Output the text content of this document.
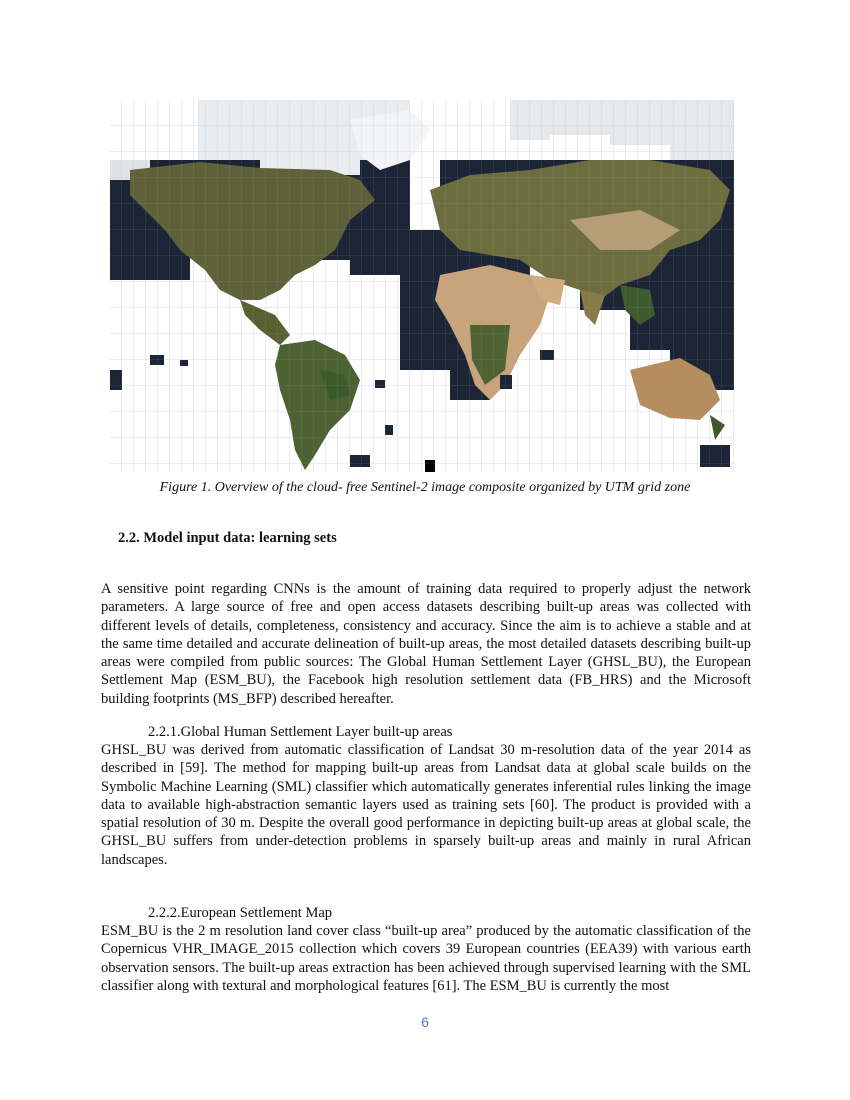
Figure 1. Overview of the cloud- free Sentinel-2 image composite organized by UTM grid zone
2.2. Model input data: learning sets

A sensitive point regarding CNNs is the amount of training data required to properly adjust the network parameters. A large source of free and open access datasets describing built-up areas was collected with different levels of details, completeness, consistency and accuracy. Since the aim is to achieve a stable and at the same time detailed and accurate delineation of built-up areas, the most detailed datasets describing built-up areas were compiled from public sources: The Global Human Settlement Layer (GHSL_BU), the European Settlement Map (ESM_BU), the Facebook high resolution settlement data (FB_HRS) and the Microsoft building footprints (MS_BFP) described hereafter.

2.2.1.Global Human Settlement Layer built-up areas

GHSL_BU was derived from automatic classification of Landsat 30 m-resolution data of the year 2014 as described in [59]. The method for mapping built-up areas from Landsat data at global scale builds on the Symbolic Machine Learning (SML) classifier which automatically generates inferential rules linking the image data to available high-abstraction semantic layers used as training sets [60]. The product is provided with a spatial resolution of 30 m. Despite the overall good performance in depicting built-up areas at global scale, the GHSL_BU suffers from under-detection problems in sparsely built-up areas and mainly in rural African landscapes.

2.2.2.European Settlement Map

ESM_BU is the 2 m resolution land cover class “built-up area” produced by the automatic classification of the Copernicus VHR_IMAGE_2015 collection which covers 39 European countries (EEA39) with various earth observation sensors. The built-up areas extraction has been achieved through supervised learning with the SML classifier along with textural and morphological features [61]. The ESM_BU is currently the most

6
